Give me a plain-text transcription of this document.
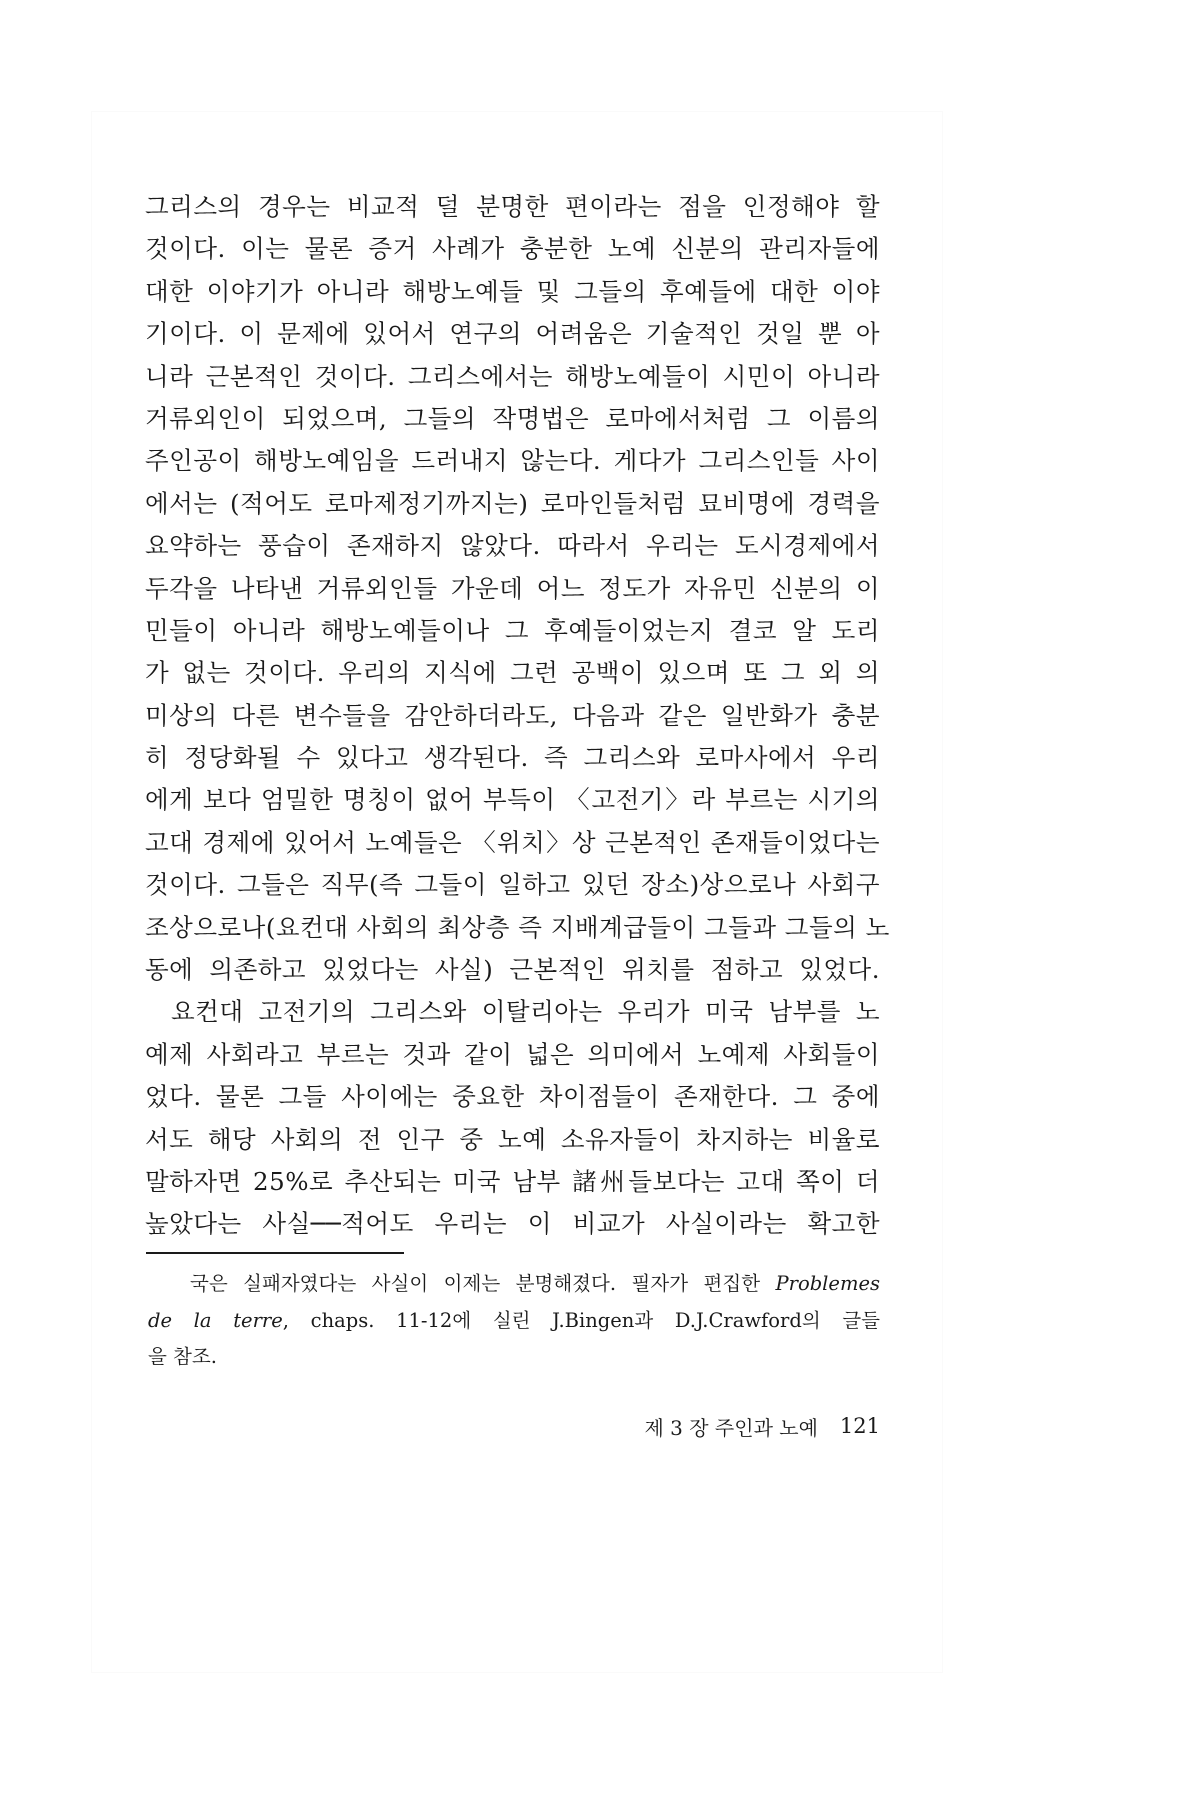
그리스의 경우는 비교적 덜 분명한 편이라는 점을 인정해야 할
것이다. 이는 물론 증거 사례가 충분한 노예 신분의 관리자들에
대한 이야기가 아니라 해방노예들 및 그들의 후예들에 대한 이야
기이다. 이 문제에 있어서 연구의 어려움은 기술적인 것일 뿐 아
니라 근본적인 것이다. 그리스에서는 해방노예들이 시민이 아니라
거류외인이 되었으며, 그들의 작명법은 로마에서처럼 그 이름의
주인공이 해방노예임을 드러내지 않는다. 게다가 그리스인들 사이
에서는 (적어도 로마제정기까지는) 로마인들처럼 묘비명에 경력을
요약하는 풍습이 존재하지 않았다. 따라서 우리는 도시경제에서
두각을 나타낸 거류외인들 가운데 어느 정도가 자유민 신분의 이
민들이 아니라 해방노예들이나 그 후예들이었는지 결코 알 도리
가 없는 것이다. 우리의 지식에 그런 공백이 있으며 또 그 외 의
미상의 다른 변수들을 감안하더라도, 다음과 같은 일반화가 충분
히 정당화될 수 있다고 생각된다. 즉 그리스와 로마사에서 우리
에게 보다 엄밀한 명칭이 없어 부득이 〈고전기〉라 부르는 시기의
고대 경제에 있어서 노예들은 〈위치〉상 근본적인 존재들이었다는
것이다. 그들은 직무(즉 그들이 일하고 있던 장소)상으로나 사회구
조상으로나(요컨대 사회의 최상층 즉 지배계급들이 그들과 그들의 노
동에 의존하고 있었다는 사실) 근본적인 위치를 점하고 있었다.
요컨대 고전기의 그리스와 이탈리아는 우리가 미국 남부를 노
예제 사회라고 부르는 것과 같이 넓은 의미에서 노예제 사회들이
었다. 물론 그들 사이에는 중요한 차이점들이 존재한다. 그 중에
서도 해당 사회의 전 인구 중 노예 소유자들이 차지하는 비율로
말하자면 25%로 추산되는 미국 남부 諸州들보다는 고대 쪽이 더
높았다는 사실──적어도 우리는 이 비교가 사실이라는 확고한
국은 실패자였다는 사실이 이제는 분명해졌다. 필자가 편집한 Problemes
de la terre, chaps. 11-12에 실린 J.Bingen과 D.J.Crawford의 글들
을 참조.
제 3 장 주인과 노예 121
